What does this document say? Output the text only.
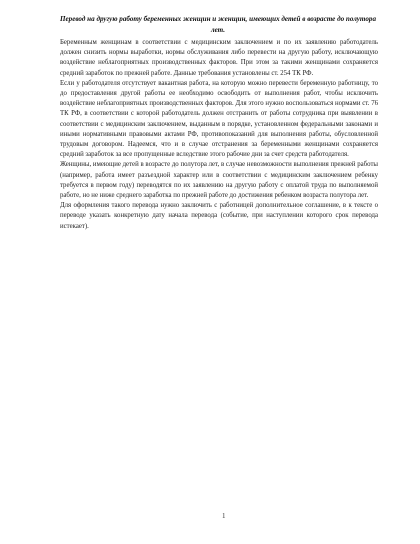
Перевод на другую работу беременных женщин и женщин, имеющих детей в возрасте до полутора лет.

Беременным женщинам в соответствии с медицинским заключением и по их заявлению работодатель должен снизить нормы выработки, нормы обслуживания либо перевести на другую работу, исключающую воздействие неблагоприятных производственных факторов. При этом за такими женщинами сохраняется средний заработок по прежней работе. Данные требования установлены ст. 254 ТК РФ.

Если у работодателя отсутствует вакантная работа, на которую можно перевести беременную работницу, то до предоставления другой работы ее необходимо освободить от выполнения работ, чтобы исключить воздействие неблагоприятных производственных факторов. Для этого нужно воспользоваться нормами ст. 76 ТК РФ, в соответствии с которой работодатель должен отстранить от работы сотрудника при выявлении в соответствии с медицинским заключением, выданным в порядке, установленном федеральными законами и иными нормативными правовыми актами РФ, противопоказаний для выполнения работы, обусловленной трудовым договором. Надеемся, что и в случае отстранения за беременными женщинами сохраняется средний заработок за все пропущенные вследствие этого рабочие дни за счет средств работодателя.

Женщины, имеющие детей в возрасте до полутора лет, в случае невозможности выполнения прежней работы (например, работа имеет разъездной характер или в соответствии с медицинским заключением ребенку требуется в первом году) переводятся по их заявлению на другую работу с оплатой труда по выполняемой работе, но не ниже среднего заработка по прежней работе до достижения ребенком возраста полутора лет.

Для оформления такого перевода нужно заключить с работницей дополнительное соглашение, в к тексте о переводе указать конкретную дату начала перевода (событие, при наступлении которого срок перевода истекает).

1
